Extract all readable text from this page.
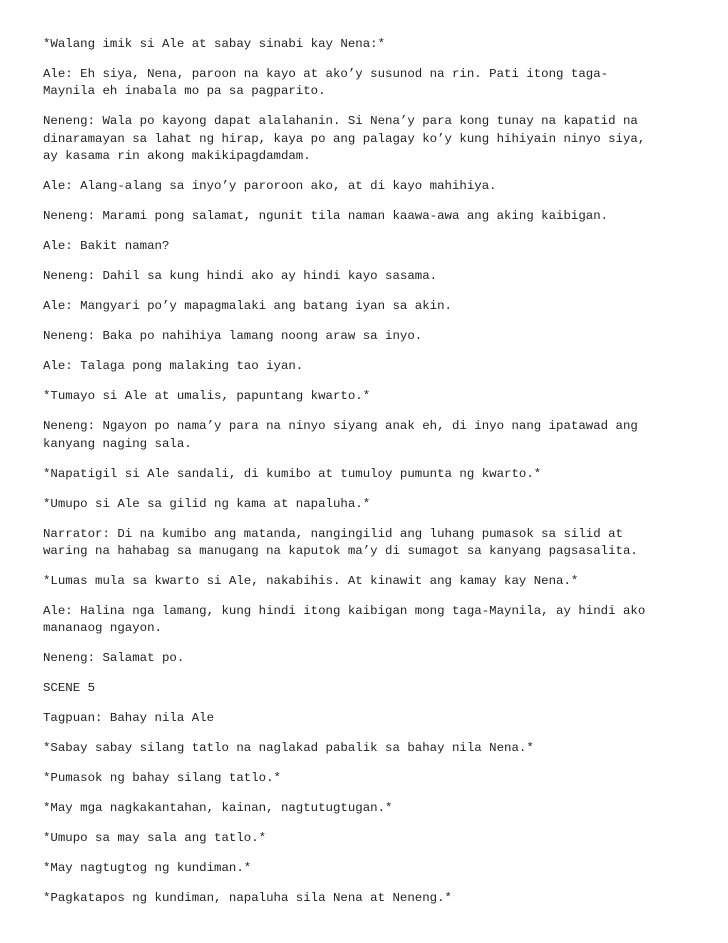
*Walang imik si Ale at sabay sinabi kay Nena:*
Ale: Eh siya, Nena, paroon na kayo at ako’y susunod na rin. Pati itong taga-
Maynila eh inabala mo pa sa pagparito.
Neneng: Wala po kayong dapat alalahanin. Si Nena’y para kong tunay na kapatid na
dinaramayan sa lahat ng hirap, kaya po ang palagay ko’y kung hihiyain ninyo siya,
ay kasama rin akong makikipagdamdam.
Ale: Alang-alang sa inyo’y paroroon ako, at di kayo mahihiya.
Neneng: Marami pong salamat, ngunit tila naman kaawa-awa ang aking kaibigan.
Ale: Bakit naman?
Neneng: Dahil sa kung hindi ako ay hindi kayo sasama.
Ale: Mangyari po’y mapagmalaki ang batang iyan sa akin.
Neneng: Baka po nahihiya lamang noong araw sa inyo.
Ale: Talaga pong malaking tao iyan.
*Tumayo si Ale at umalis, papuntang kwarto.*
Neneng: Ngayon po nama’y para na ninyo siyang anak eh, di inyo nang ipatawad ang
kanyang naging sala.
*Napatigil si Ale sandali, di kumibo at tumuloy pumunta ng kwarto.*
*Umupo si Ale sa gilid ng kama at napaluha.*
Narrator: Di na kumibo ang matanda, nangingilid ang luhang pumasok sa silid at
waring na hahabag sa manugang na kaputok ma’y di sumagot sa kanyang pagsasalita.
*Lumas mula sa kwarto si Ale, nakabihis. At kinawit ang kamay kay Nena.*
Ale: Halina nga lamang, kung hindi itong kaibigan mong taga-Maynila, ay hindi ako
mananaog ngayon.
Neneng: Salamat po.
SCENE 5
Tagpuan: Bahay nila Ale
*Sabay sabay silang tatlo na naglakad pabalik sa bahay nila Nena.*
*Pumasok ng bahay silang tatlo.*
*May mga nagkakantahan, kainan, nagtutugtugan.*
*Umupo sa may sala ang tatlo.*
*May nagtugtog ng kundiman.*
*Pagkatapos ng kundiman, napaluha sila Nena at Neneng.*
